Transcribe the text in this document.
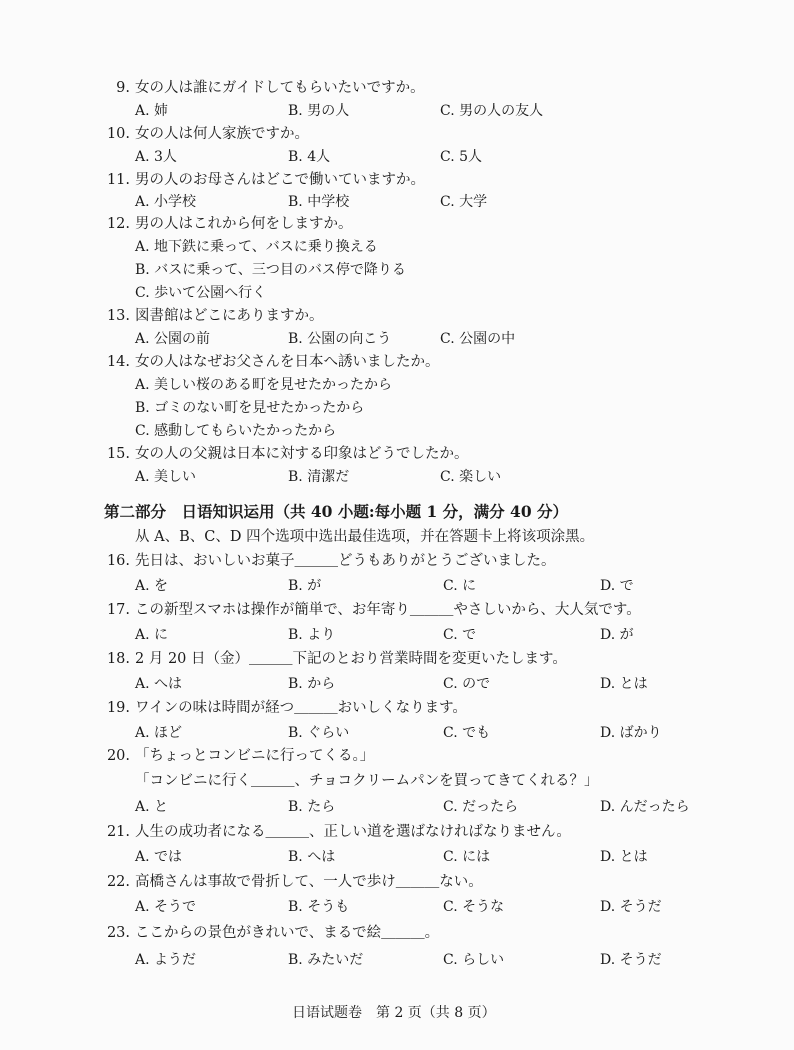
9. 女の人は誰にガイドしてもらいたいですか。
A. 姉	B. 男の人	C. 男の人の友人
10. 女の人は何人家族ですか。
A. 3人	B. 4人	C. 5人
11. 男の人のお母さんはどこで働いていますか。
A. 小学校	B. 中学校	C. 大学
12. 男の人はこれから何をしますか。
A. 地下鉄に乗って、バスに乗り換える
B. バスに乗って、三つ目のバス停で降りる
C. 歩いて公園へ行く
13. 図書館はどこにありますか。
A. 公園の前	B. 公園の向こう	C. 公園の中
14. 女の人はなぜお父さんを日本へ誘いましたか。
A. 美しい桜のある町を見せたかったから
B. ゴミのない町を見せたかったから
C. 感動してもらいたかったから
15. 女の人の父親は日本に対する印象はどうでしたか。
A. 美しい	B. 清潔だ	C. 楽しい
第二部分　日语知识运用（共 40 小题:每小题 1 分，满分 40 分）
从 A、B、C、D 四个选项中选出最佳选项，并在答题卡上将该项涂黑。
16. 先日は、おいしいお菓子＿＿＿どうもありがとうございました。
A. を	B. が	C. に	D. で
17. この新型スマホは操作が簡単で、お年寄り＿＿＿やさしいから、大人気です。
A. に	B. より	C. で	D. が
18. 2 月 20 日（金）＿＿＿下記のとおり営業時間を変更いたします。
A. へは	B. から	C. ので	D. とは
19. ワインの味は時間が経つ＿＿＿おいしくなります。
A. ほど	B. ぐらい	C. でも	D. ばかり
20. 「ちょっとコンビニに行ってくる。」
「コンビニに行く＿＿＿、チョコクリームパンを買ってきてくれる？」
A. と	B. たら	C. だったら	D. んだったら
21. 人生の成功者になる＿＿＿、正しい道を選ばなければなりません。
A. では	B. へは	C. には	D. とは
22. 高橋さんは事故で骨折して、一人で歩け＿＿＿ない。
A. そうで	B. そうも	C. そうな	D. そうだ
23. ここからの景色がきれいで、まるで絵＿＿＿。
A. ようだ	B. みたいだ	C. らしい	D. そうだ
日语试题卷　第 2 页（共 8 页）
